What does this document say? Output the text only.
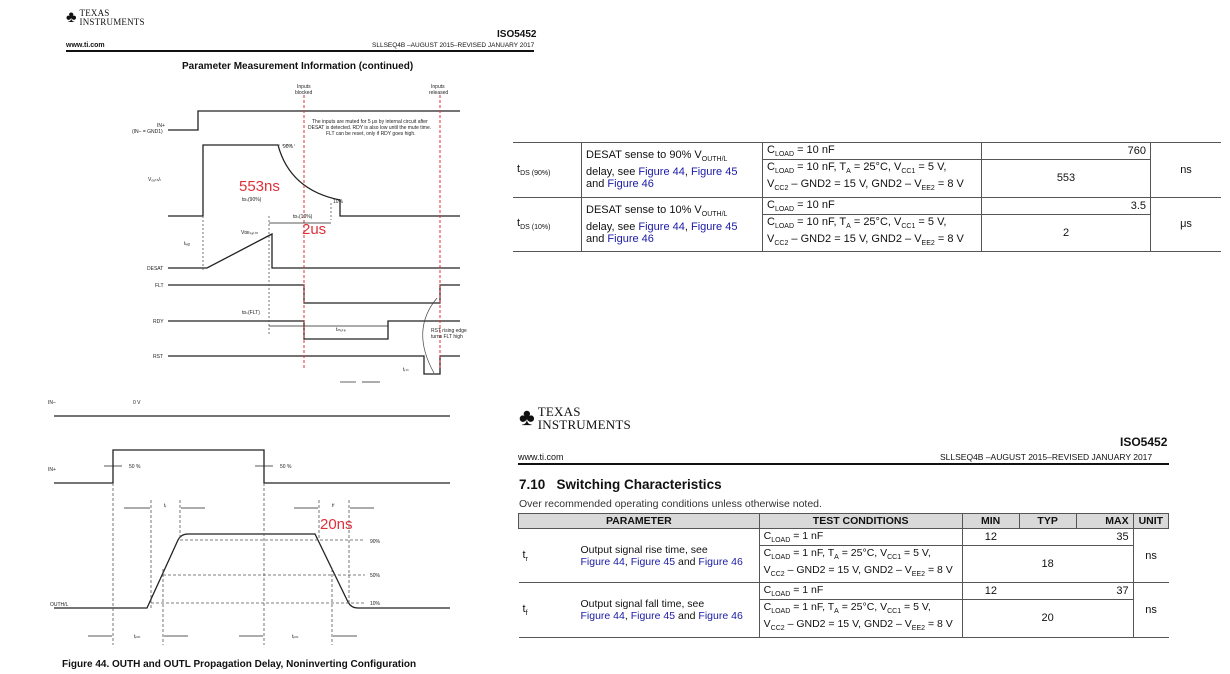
♣ TEXAS
INSTRUMENTS
ISO5452
www.ti.com	SLLSEQ4B –AUGUST 2015–REVISED JANUARY 2017
Parameter Measurement Information (continued)
Inputs
blocked
Inputs
released
IN+
(IN– = GND1)
Vₒᵤₜₕ/ₗ
DESAT
FLT
RDY
RST
90%
10%
Vᴅᴇₛₐₜₜₕ
tᴅₛ(90%)
tᴅₛ(10%)
tₗₑᵦ
tᴅₛ(FLT)
tₘᵤₜₑ
tᵣₛₜ
The inputs are muted for 5 μs by internal circuit after
DESAT is detected. RDY is also low until the mute time.
FLT can be reset, only if RDY goes high.
RST rising edge
turns FLT high
553ns
2us
IN–	0 V
IN+	50 %	50 %
tᵣ	tᶠ
90%
50%
10%
OUTH/L
tₚₗₕ	tₚₕₗ
20ns
Figure 44. OUTH and OUTL Propagation Delay, Noninverting Configuration
$t_{DS (90\%)}$	DESAT sense to 90% $V_{OUTH/L}$
delay, see Figure 44, Figure 45
and Figure 46	$C_{LOAD} = 10$ nF	760	ns
		$C_{LOAD} = 10$ nF, $T_A = 25^\circ C$, $V_{CC1} = 5$ V,
$V_{CC2} - GND2 = 15$ V, $GND2 - V_{EE2} = 8$ V	553	
$t_{DS (10\%)}$	DESAT sense to 10% $V_{OUTH/L}$
delay, see Figure 44, Figure 45
and Figure 46	$C_{LOAD} = 10$ nF	3.5	μs
		$C_{LOAD} = 10$ nF, $T_A = 25^\circ C$, $V_{CC1} = 5$ V,
$V_{CC2} - GND2 = 15$ V, $GND2 - V_{EE2} = 8$ V	2	
♣ TEXAS
INSTRUMENTS
ISO5452
www.ti.com	SLLSEQ4B –AUGUST 2015–REVISED JANUARY 2017
7.10   Switching Characteristics
Over recommended operating conditions unless otherwise noted.
PARAMETER		TEST CONDITIONS	MIN	TYP	MAX	UNIT
$t_r$	Output signal rise time, see
Figure 44, Figure 45 and Figure 46	$C_{LOAD} = 1$ nF	12		35	ns
		$C_{LOAD} = 1$ nF, $T_A = 25^\circ C$, $V_{CC1} = 5$ V,
$V_{CC2} - GND2 = 15$ V, $GND2 - V_{EE2} = 8$ V	18			
$t_f$	Output signal fall time, see
Figure 44, Figure 45 and Figure 46	$C_{LOAD} = 1$ nF	12		37	ns
		$C_{LOAD} = 1$ nF, $T_A = 25^\circ C$, $V_{CC1} = 5$ V,
$V_{CC2} - GND2 = 15$ V, $GND2 - V_{EE2} = 8$ V	20			
